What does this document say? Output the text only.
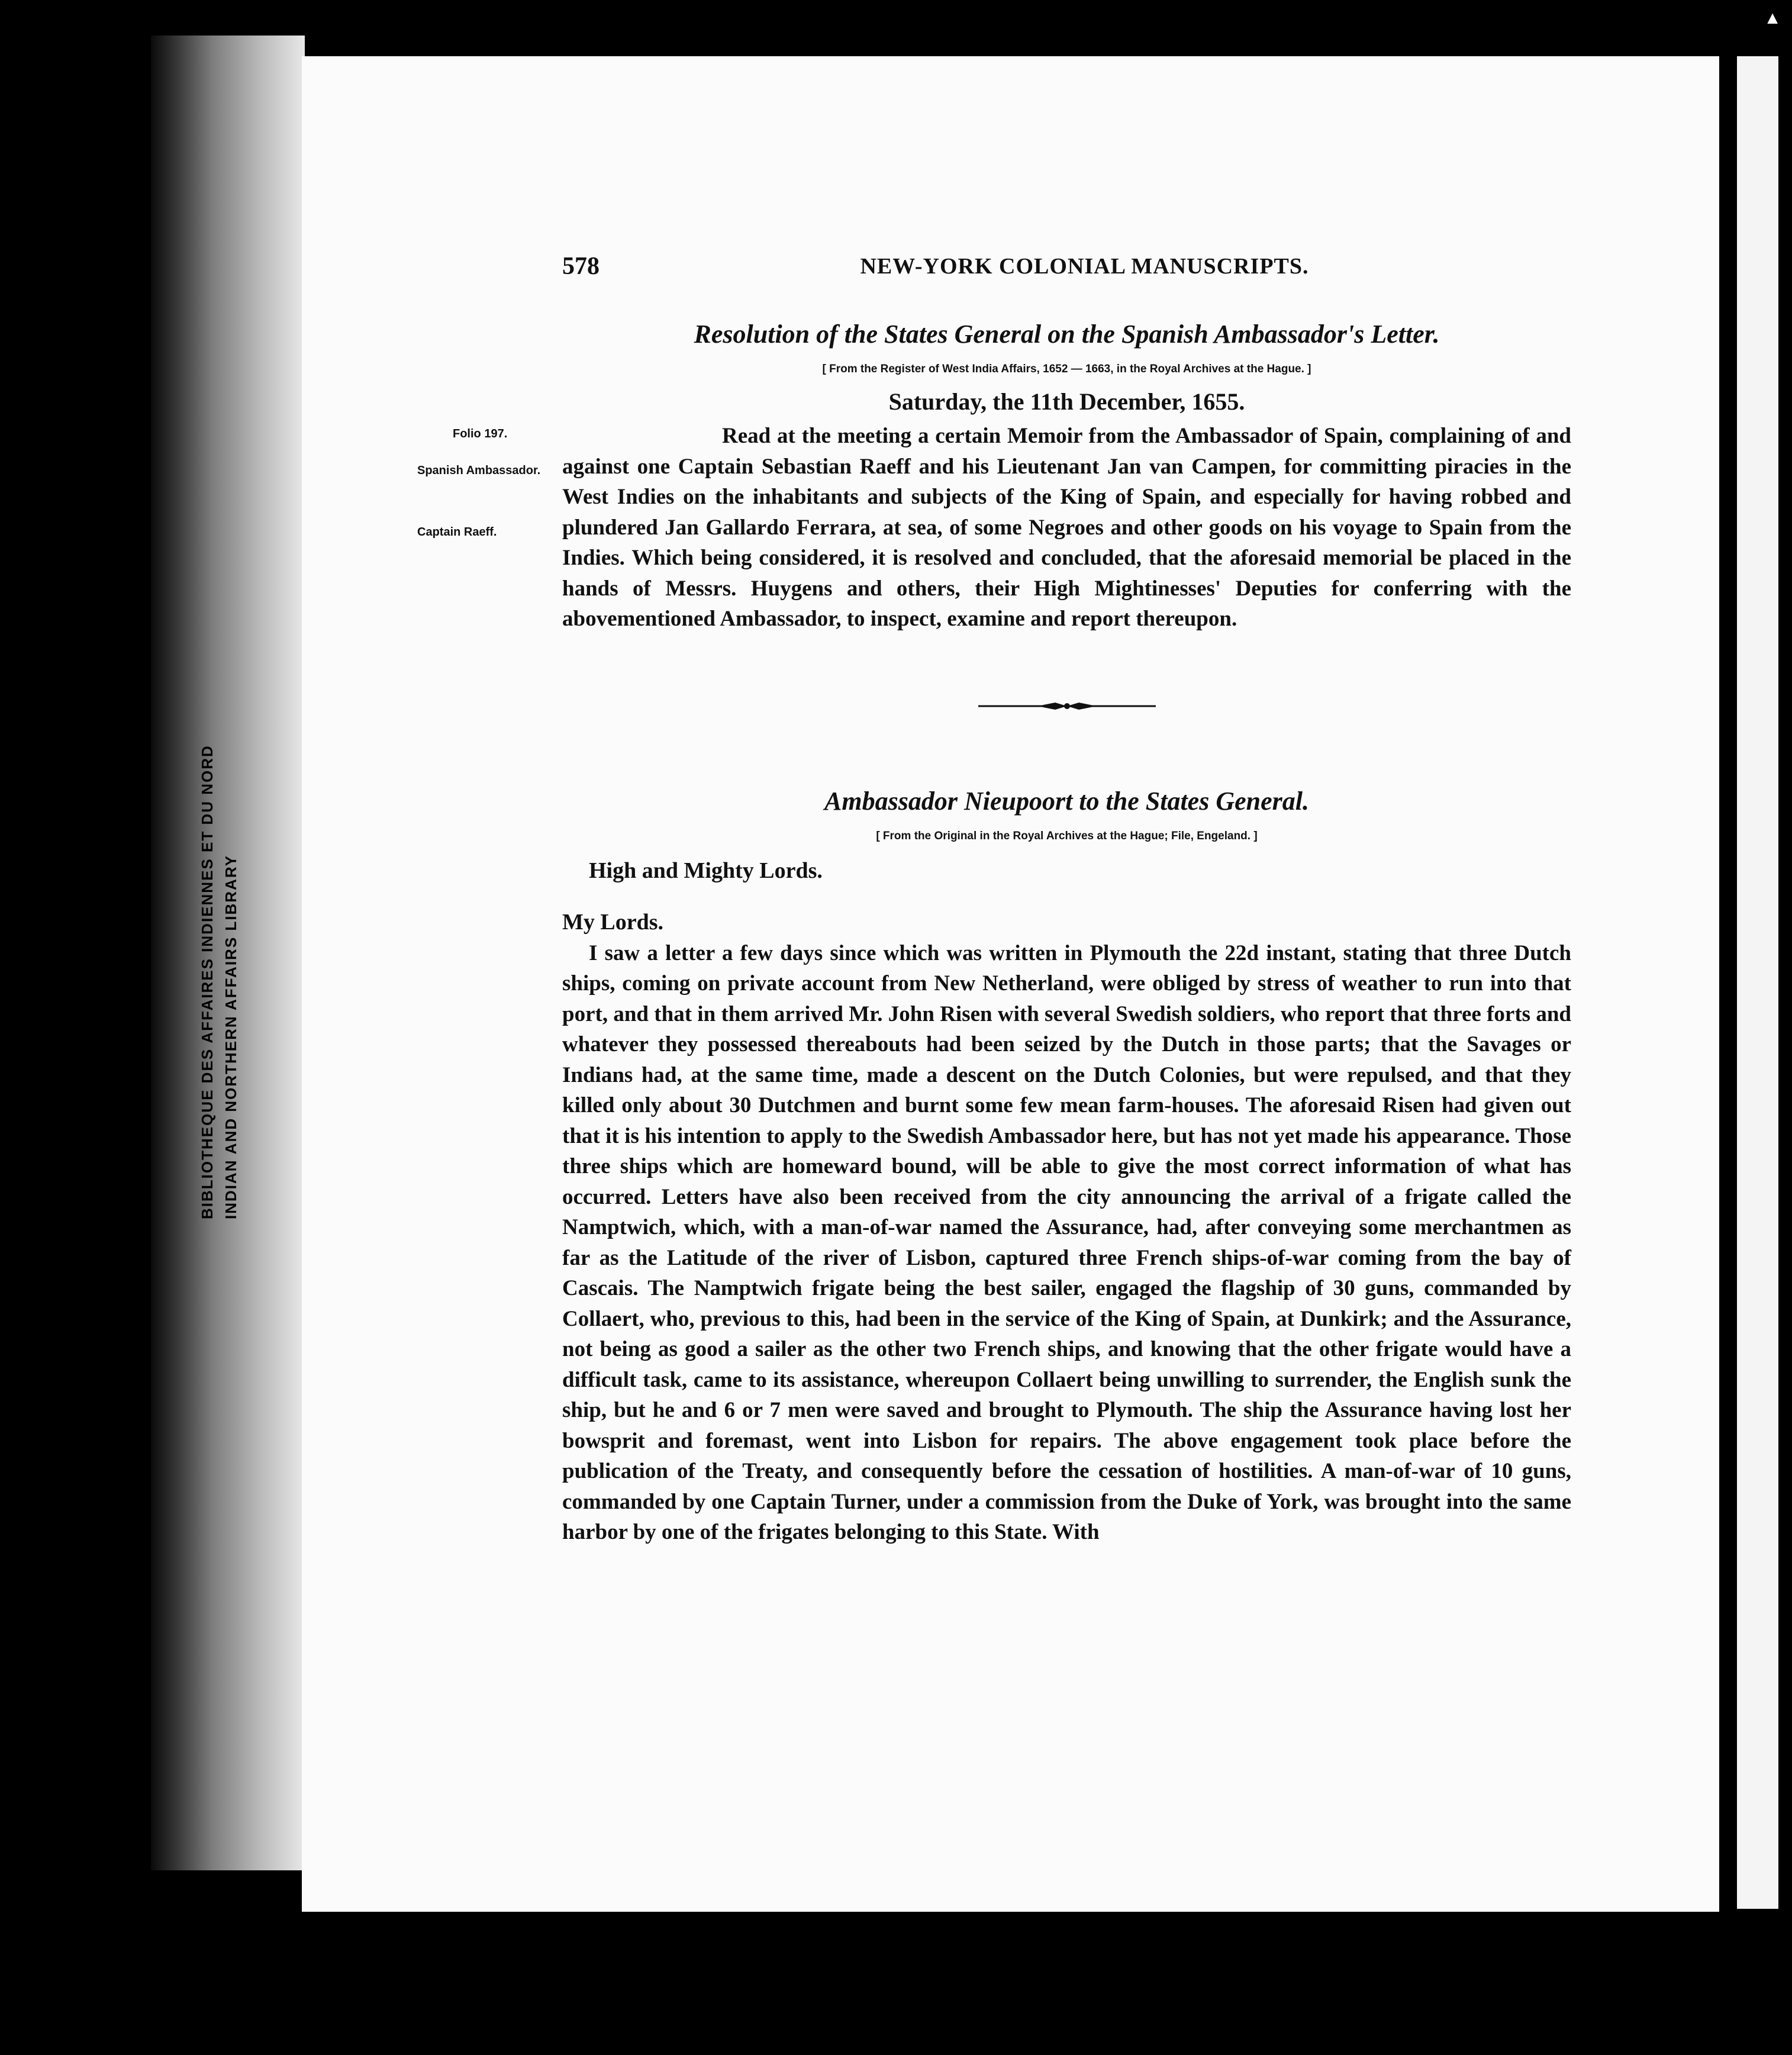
BIBLIOTHEQUE DES AFFAIRES INDIENNES ET DU NORD
INDIAN AND NORTHERN AFFAIRS LIBRARY
▲
578	NEW-YORK COLONIAL MANUSCRIPTS.
Resolution of the States General on the Spanish Ambassador's Letter.
[ From the Register of West India Affairs, 1652 — 1663, in the Royal Archives at the Hague. ]
Saturday, the 11th December, 1655.
Folio 197.
Spanish Ambassador.
Captain Raeff.

Read at the meeting a certain Memoir from the Ambassador of Spain, complaining of and against one Captain Sebastian Raeff and his Lieutenant Jan van Campen, for committing piracies in the West Indies on the inhabitants and subjects of the King of Spain, and especially for having robbed and plundered Jan Gallardo Ferrara, at sea, of some Negroes and other goods on his voyage to Spain from the Indies. Which being considered, it is resolved and concluded, that the aforesaid memorial be placed in the hands of Messrs. Huygens and others, their High Mightinesses' Deputies for conferring with the abovementioned Ambassador, to inspect, examine and report thereupon.

Ambassador Nieupoort to the States General.
[ From the Original in the Royal Archives at the Hague; File, Engeland. ]

High and Mighty Lords.

My Lords.

I saw a letter a few days since which was written in Plymouth the 22d instant, stating that three Dutch ships, coming on private account from New Netherland, were obliged by stress of weather to run into that port, and that in them arrived Mr. John Risen with several Swedish soldiers, who report that three forts and whatever they possessed thereabouts had been seized by the Dutch in those parts; that the Savages or Indians had, at the same time, made a descent on the Dutch Colonies, but were repulsed, and that they killed only about 30 Dutchmen and burnt some few mean farm-houses. The aforesaid Risen had given out that it is his intention to apply to the Swedish Ambassador here, but has not yet made his appearance. Those three ships which are homeward bound, will be able to give the most correct information of what has occurred. Letters have also been received from the city announcing the arrival of a frigate called the Namptwich, which, with a man-of-war named the Assurance, had, after conveying some merchantmen as far as the Latitude of the river of Lisbon, captured three French ships-of-war coming from the bay of Cascais. The Namptwich frigate being the best sailer, engaged the flagship of 30 guns, commanded by Collaert, who, previous to this, had been in the service of the King of Spain, at Dunkirk; and the Assurance, not being as good a sailer as the other two French ships, and knowing that the other frigate would have a difficult task, came to its assistance, whereupon Collaert being unwilling to surrender, the English sunk the ship, but he and 6 or 7 men were saved and brought to Plymouth. The ship the Assurance having lost her bowsprit and foremast, went into Lisbon for repairs. The above engagement took place before the publication of the Treaty, and consequently before the cessation of hostilities. A man-of-war of 10 guns, commanded by one Captain Turner, under a commission from the Duke of York, was brought into the same harbor by one of the frigates belonging to this State. With
